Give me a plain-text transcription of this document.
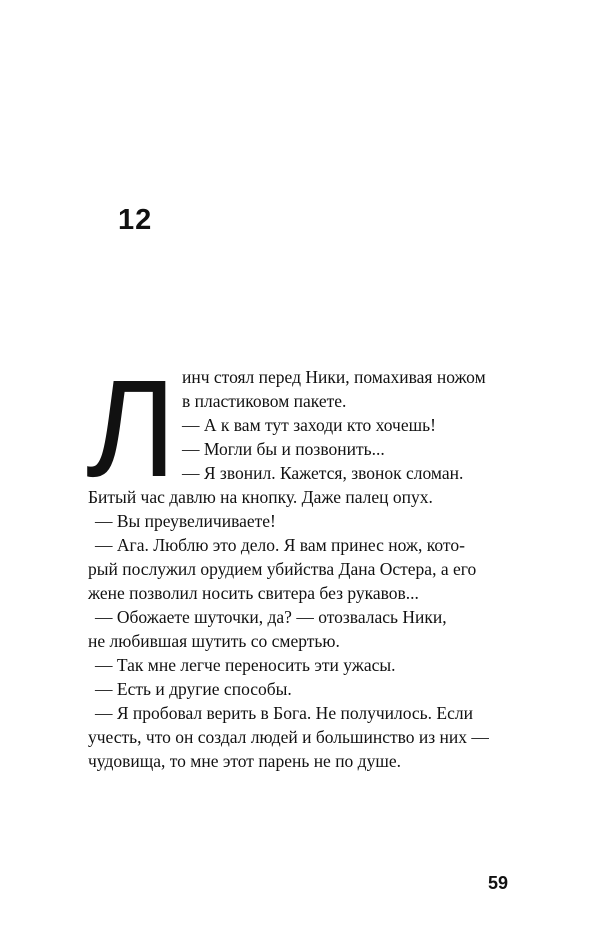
12
Л инч стоял перед Ники, помахивая ножом
в пластиковом пакете.
— А к вам тут заходи кто хочешь!
— Могли бы и позвонить...
— Я звонил. Кажется, звонок сломан.
Битый час давлю на кнопку. Даже палец опух.
— Вы преувеличиваете!
— Ага. Люблю это дело. Я вам принес нож, кото-
рый послужил орудием убийства Дана Остера, а его
жене позволил носить свитера без рукавов...
— Обожаете шуточки, да? — отозвалась Ники,
не любившая шутить со смертью.
— Так мне легче переносить эти ужасы.
— Есть и другие способы.
— Я пробовал верить в Бога. Не получилось. Если
учесть, что он создал людей и большинство из них —
чудовища, то мне этот парень не по душе.
59
